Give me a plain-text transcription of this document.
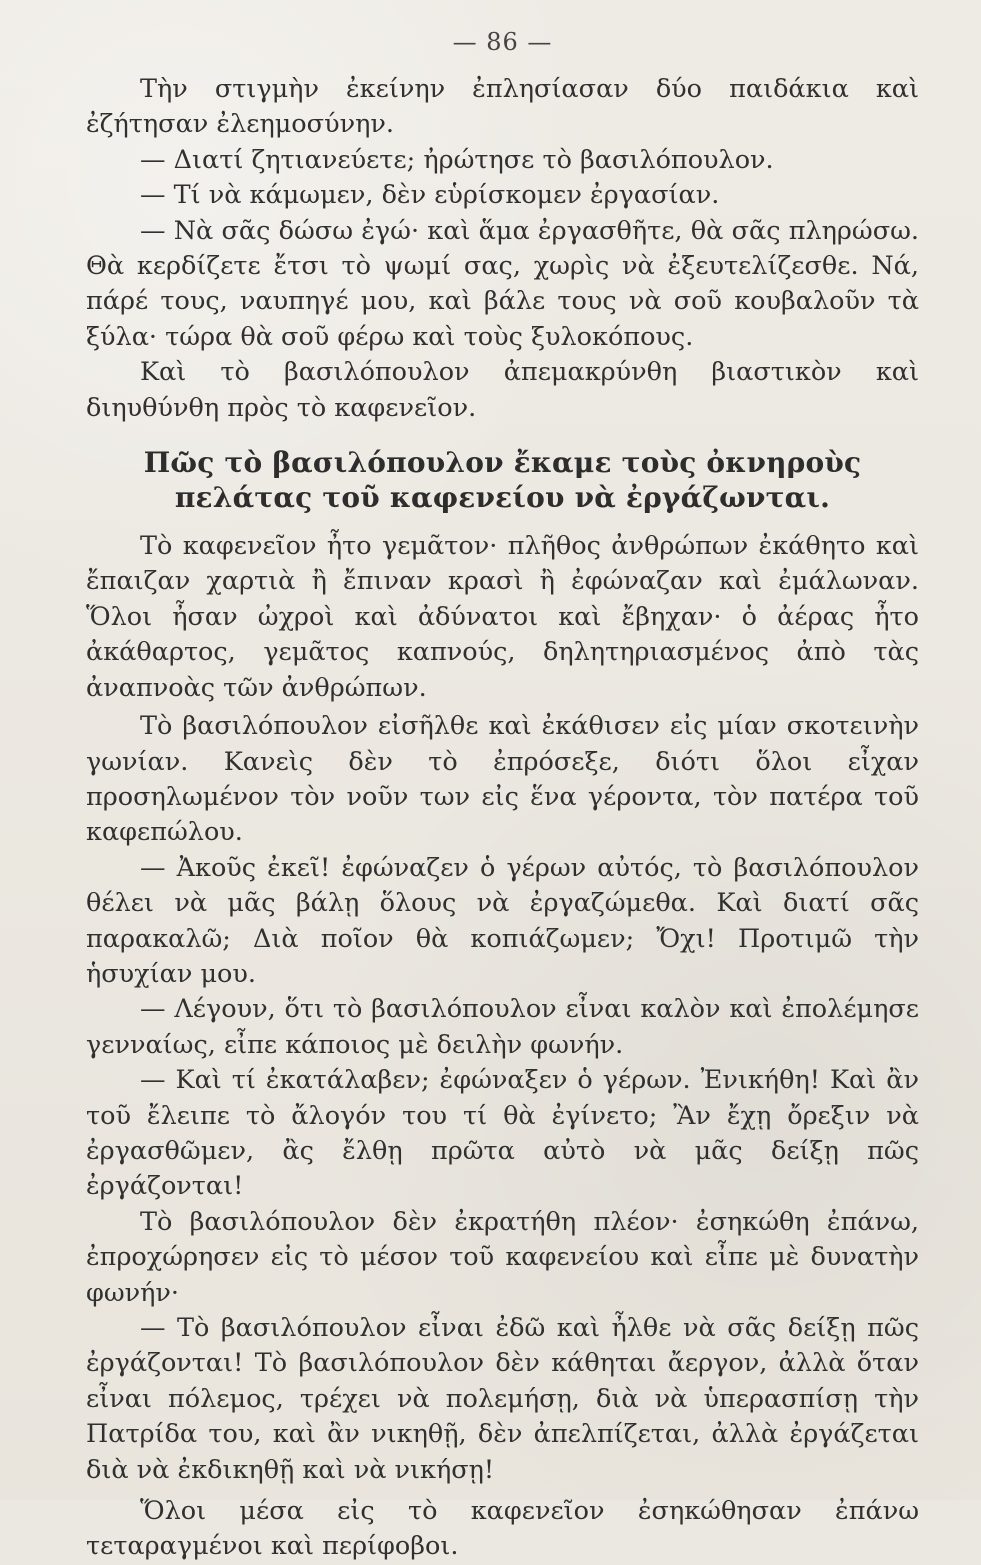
— 86 —

Τὴν στιγμὴν ἐκείνην ἐπλησίασαν δύο παιδάκια καὶ ἐζήτησαν ἐλεημοσύνην.

— Διατί ζητιανεύετε; ἠρώτησε τὸ βασιλόπουλον.

— Τί νὰ κάμωμεν, δὲν εὑρίσκομεν ἐργασίαν.

— Νὰ σᾶς δώσω ἐγώ· καὶ ἅμα ἐργασθῆτε, θὰ σᾶς πληρώσω. Θὰ κερδίζετε ἔτσι τὸ ψωμί σας, χωρὶς νὰ ἐξευτελίζεσθε. Νά, πάρέ τους, ναυπηγέ μου, καὶ βάλε τους νὰ σοῦ κουβαλοῦν τὰ ξύλα· τώρα θὰ σοῦ φέρω καὶ τοὺς ξυλοκόπους.

Καὶ τὸ βασιλόπουλον ἀπεμακρύνθη βιαστικὸν καὶ διηυθύνθη πρὸς τὸ καφενεῖον.

Πῶς τὸ βασιλόπουλον ἔκαμε τοὺς ὀκνηροὺς
πελάτας τοῦ καφενείου νὰ ἐργάζωνται.

Τὸ καφενεῖον ἦτο γεμᾶτον· πλῆθος ἀνθρώπων ἐκάθητο καὶ ἔπαιζαν χαρτιὰ ἢ ἔπιναν κρασὶ ἢ ἐφώναζαν καὶ ἐμάλωναν. Ὅλοι ἦσαν ὠχροὶ καὶ ἀδύνατοι καὶ ἔβηχαν· ὁ ἀέρας ἦτο ἀκάθαρτος, γεμᾶτος καπνούς, δηλητηριασμένος ἀπὸ τὰς ἀναπνοὰς τῶν ἀνθρώπων.

Τὸ βασιλόπουλον εἰσῆλθε καὶ ἐκάθισεν εἰς μίαν σκοτεινὴν γωνίαν. Κανεὶς δὲν τὸ ἐπρόσεξε, διότι ὅλοι εἶχαν προσηλωμένον τὸν νοῦν των εἰς ἕνα γέροντα, τὸν πατέρα τοῦ καφεπώλου.

— Ἀκοῦς ἐκεῖ! ἐφώναζεν ὁ γέρων αὐτός, τὸ βασιλόπουλον θέλει νὰ μᾶς βάλῃ ὅλους νὰ ἐργαζώμεθα. Καὶ διατί σᾶς παρακαλῶ; Διὰ ποῖον θὰ κοπιάζωμεν; Ὄχι! Προτιμῶ τὴν ἡσυχίαν μου.

— Λέγουν, ὅτι τὸ βασιλόπουλον εἶναι καλὸν καὶ ἐπολέμησε γενναίως, εἶπε κάποιος μὲ δειλὴν φωνήν.

— Καὶ τί ἐκατάλαβεν; ἐφώναξεν ὁ γέρων. Ἐνικήθη! Καὶ ἂν τοῦ ἔλειπε τὸ ἄλογόν του τί θὰ ἐγίνετο; Ἂν ἔχῃ ὄρεξιν νὰ ἐργασθῶμεν, ἂς ἔλθῃ πρῶτα αὐτὸ νὰ μᾶς δείξῃ πῶς ἐργάζονται!

Τὸ βασιλόπουλον δὲν ἐκρατήθη πλέον· ἐσηκώθη ἐπάνω, ἐπροχώρησεν εἰς τὸ μέσον τοῦ καφενείου καὶ εἶπε μὲ δυνατὴν φωνήν·

— Τὸ βασιλόπουλον εἶναι ἐδῶ καὶ ἦλθε νὰ σᾶς δείξῃ πῶς ἐργάζονται! Τὸ βασιλόπουλον δὲν κάθηται ἄεργον, ἀλλὰ ὅταν εἶναι πόλεμος, τρέχει νὰ πολεμήσῃ, διὰ νὰ ὑπερασπίσῃ τὴν Πατρίδα του, καὶ ἂν νικηθῇ, δὲν ἀπελπίζεται, ἀλλὰ ἐργάζεται διὰ νὰ ἐκδικηθῇ καὶ νὰ νικήσῃ!

Ὅλοι μέσα εἰς τὸ καφενεῖον ἐσηκώθησαν ἐπάνω τεταραγμένοι καὶ περίφοβοι.
